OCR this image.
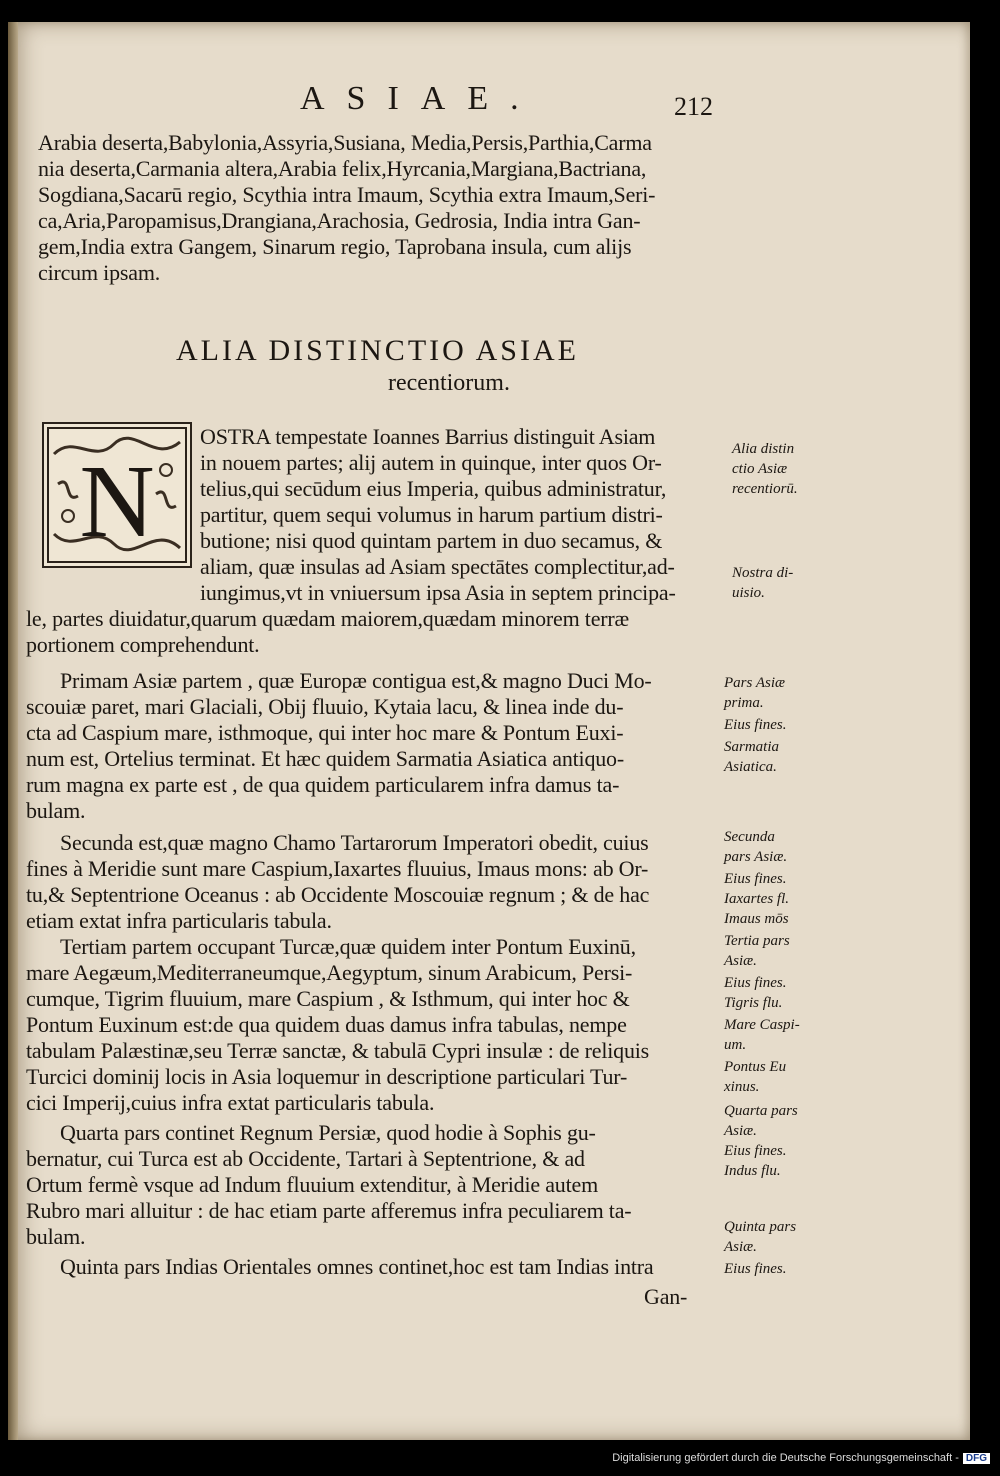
ASIAE.	212
Arabia deserta,Babylonia,Assyria,Susiana, Media,Persis,Parthia,Carma
nia deserta,Carmania altera,Arabia felix,Hyrcania,Margiana,Bactriana,
Sogdiana,Sacarū regio, Scythia intra Imaum, Scythia extra Imaum,Seri-
ca,Aria,Paropamisus,Drangiana,Arachosia, Gedrosia, India intra Gan-
gem,India extra Gangem, Sinarum regio, Taprobana insula, cum alijs
circum ipsam.
ALIA DISTINCTIO ASIAE
recentiorum.
N
OSTRA tempestate Ioannes Barrius distinguit Asiam
in nouem partes; alij autem in quinque, inter quos Or-
telius,qui secūdum eius Imperia, quibus administratur,
partitur, quem sequi volumus in harum partium distri-
butione; nisi quod quintam partem in duo secamus, &
aliam, quæ insulas ad Asiam spectātes complectitur,ad-
iungimus,vt in vniuersum ipsa Asia in septem principa-
le, partes diuidatur,quarum quædam maiorem,quædam minorem terræ
portionem comprehendunt.
Primam Asiæ partem , quæ Europæ contigua est,& magno Duci Mo-
scouiæ paret, mari Glaciali, Obij fluuio, Kytaia lacu, & linea inde du-
cta ad Caspium mare, isthmoque, qui inter hoc mare & Pontum Euxi-
num est, Ortelius terminat. Et hæc quidem Sarmatia Asiatica antiquo-
rum magna ex parte est , de qua quidem particularem infra damus ta-
bulam.
Secunda est,quæ magno Chamo Tartarorum Imperatori obedit, cuius
fines à Meridie sunt mare Caspium,Iaxartes fluuius, Imaus mons: ab Or-
tu,& Septentrione Oceanus : ab Occidente Moscouiæ regnum ; & de hac
etiam extat infra particularis tabula.
Tertiam partem occupant Turcæ,quæ quidem inter Pontum Euxinū,
mare Aegæum,Mediterraneumque,Aegyptum, sinum Arabicum, Persi-
cumque, Tigrim fluuium, mare Caspium , & Isthmum, qui inter hoc &
Pontum Euxinum est:de qua quidem duas damus infra tabulas, nempe
tabulam Palæstinæ,seu Terræ sanctæ, & tabulā Cypri insulæ : de reliquis
Turcici dominij locis in Asia loquemur in descriptione particulari Tur-
cici Imperij,cuius infra extat particularis tabula.
Quarta pars continet Regnum Persiæ, quod hodie à Sophis gu-
bernatur, cui Turca est ab Occidente, Tartari à Septentrione, & ad
Ortum fermè vsque ad Indum fluuium extenditur, à Meridie autem
Rubro mari alluitur : de hac etiam parte afferemus infra peculiarem ta-
bulam.
Quinta pars Indias Orientales omnes continet,hoc est tam Indias intra
Gan-
Alia distin
ctio Asiæ
recentiorū.
Nostra di-
uisio.
Pars Asiæ
prima.
Eius fines.
Sarmatia
Asiatica.
Secunda
pars Asiæ.
Eius fines.
Iaxartes fl.
Imaus mōs
Tertia pars
Asiæ.
Eius fines.
Tigris flu.
Mare Caspi-
um.
Pontus Eu
xinus.
Quarta pars
Asiæ.
Eius fines.
Indus flu.
Quinta pars
Asiæ.
Eius fines.
Digitalisierung gefördert durch die Deutsche Forschungsgemeinschaft - DFG
